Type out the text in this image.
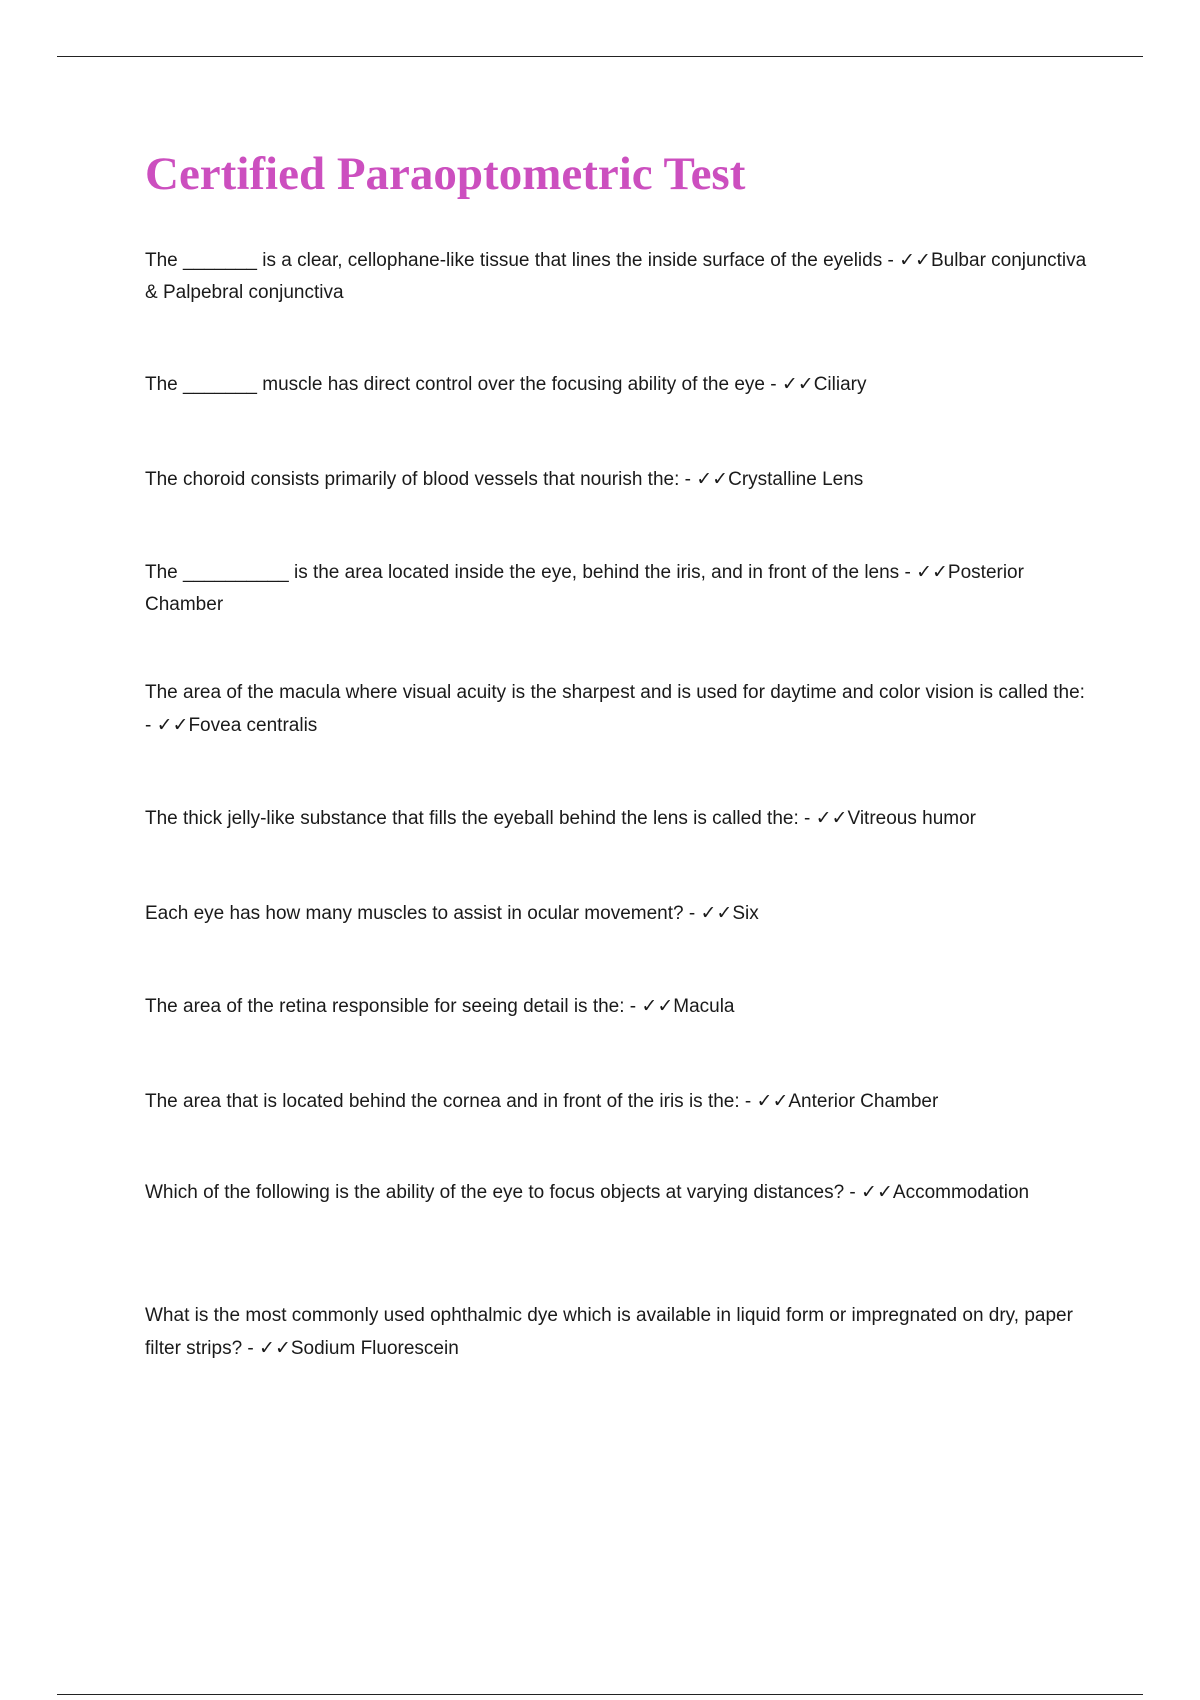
Certified Paraoptometric Test

The _______ is a clear, cellophane-like tissue that lines the inside surface of the eyelids - ✓✓Bulbar conjunctiva & Palpebral conjunctiva

The _______ muscle has direct control over the focusing ability of the eye - ✓✓Ciliary

The choroid consists primarily of blood vessels that nourish the: - ✓✓Crystalline Lens

The __________ is the area located inside the eye, behind the iris, and in front of the lens - ✓✓Posterior Chamber

The area of the macula where visual acuity is the sharpest and is used for daytime and color vision is called the: - ✓✓Fovea centralis

The thick jelly-like substance that fills the eyeball behind the lens is called the: - ✓✓Vitreous humor

Each eye has how many muscles to assist in ocular movement? - ✓✓Six

The area of the retina responsible for seeing detail is the: - ✓✓Macula

The area that is located behind the cornea and in front of the iris is the: - ✓✓Anterior Chamber

Which of the following is the ability of the eye to focus objects at varying distances? - ✓✓Accommodation

What is the most commonly used ophthalmic dye which is available in liquid form or impregnated on dry, paper filter strips? - ✓✓Sodium Fluorescein
